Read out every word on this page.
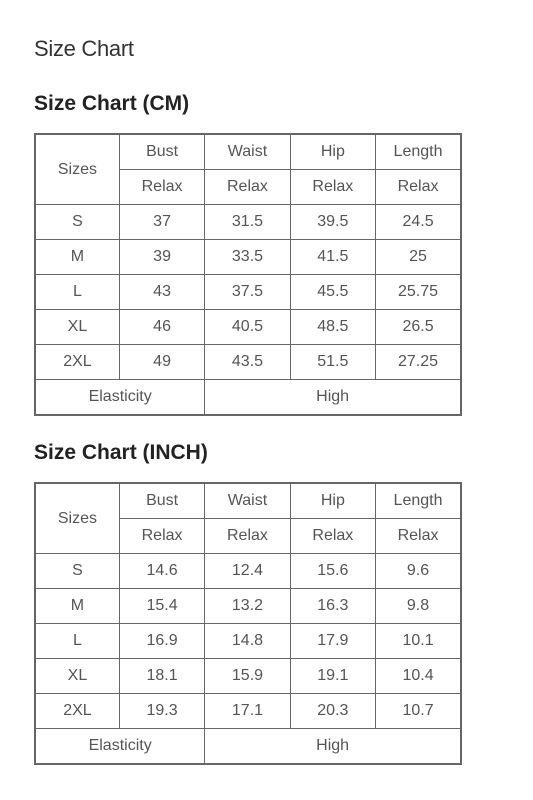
Size Chart
Size Chart (CM)
Sizes	Bust	Waist	Hip	Length
	Relax	Relax	Relax	Relax
S	37	31.5	39.5	24.5
M	39	33.5	41.5	25
L	43	37.5	45.5	25.75
XL	46	40.5	48.5	26.5
2XL	49	43.5	51.5	27.25
Elasticity		High		
Size Chart (INCH)
Sizes	Bust	Waist	Hip	Length
	Relax	Relax	Relax	Relax
S	14.6	12.4	15.6	9.6
M	15.4	13.2	16.3	9.8
L	16.9	14.8	17.9	10.1
XL	18.1	15.9	19.1	10.4
2XL	19.3	17.1	20.3	10.7
Elasticity		High		
